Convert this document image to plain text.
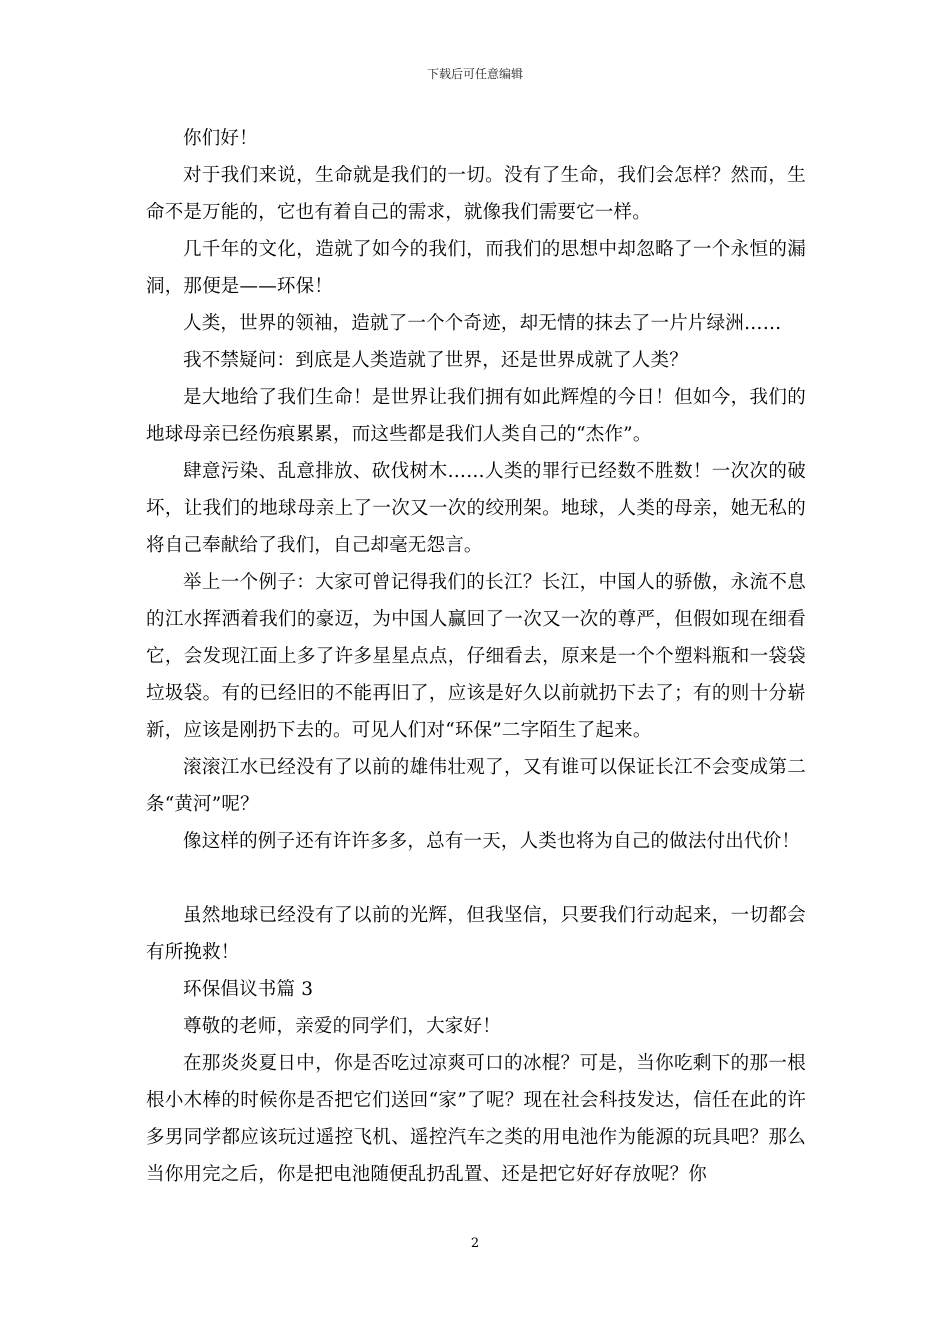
下载后可任意编辑

你们好！

对于我们来说，生命就是我们的一切。没有了生命，我们会怎样？然而，生命不是万能的，它也有着自己的需求，就像我们需要它一样。

几千年的文化，造就了如今的我们，而我们的思想中却忽略了一个永恒的漏洞，那便是——环保！

人类，世界的领袖，造就了一个个奇迹，却无情的抹去了一片片绿洲……

我不禁疑问：到底是人类造就了世界，还是世界成就了人类？

是大地给了我们生命！是世界让我们拥有如此辉煌的今日！但如今，我们的地球母亲已经伤痕累累，而这些都是我们人类自己的“杰作”。

肆意污染、乱意排放、砍伐树木……人类的罪行已经数不胜数！一次次的破坏，让我们的地球母亲上了一次又一次的绞刑架。地球，人类的母亲，她无私的将自己奉献给了我们，自己却毫无怨言。

举上一个例子：大家可曾记得我们的长江？长江，中国人的骄傲，永流不息的江水挥洒着我们的豪迈，为中国人赢回了一次又一次的尊严，但假如现在细看它，会发现江面上多了许多星星点点，仔细看去，原来是一个个塑料瓶和一袋袋垃圾袋。有的已经旧的不能再旧了，应该是好久以前就扔下去了；有的则十分崭新，应该是刚扔下去的。可见人们对“环保”二字陌生了起来。

滚滚江水已经没有了以前的雄伟壮观了，又有谁可以保证长江不会变成第二条“黄河”呢？

像这样的例子还有许许多多，总有一天，人类也将为自己的做法付出代价！

虽然地球已经没有了以前的光辉，但我坚信，只要我们行动起来，一切都会有所挽救！

环保倡议书篇 3

尊敬的老师，亲爱的同学们，大家好！

在那炎炎夏日中，你是否吃过凉爽可口的冰棍？可是，当你吃剩下的那一根根小木棒的时候你是否把它们送回“家”了呢？现在社会科技发达，信任在此的许多男同学都应该玩过遥控飞机、遥控汽车之类的用电池作为能源的玩具吧？那么当你用完之后，你是把电池随便乱扔乱置、还是把它好好存放呢？你

2
